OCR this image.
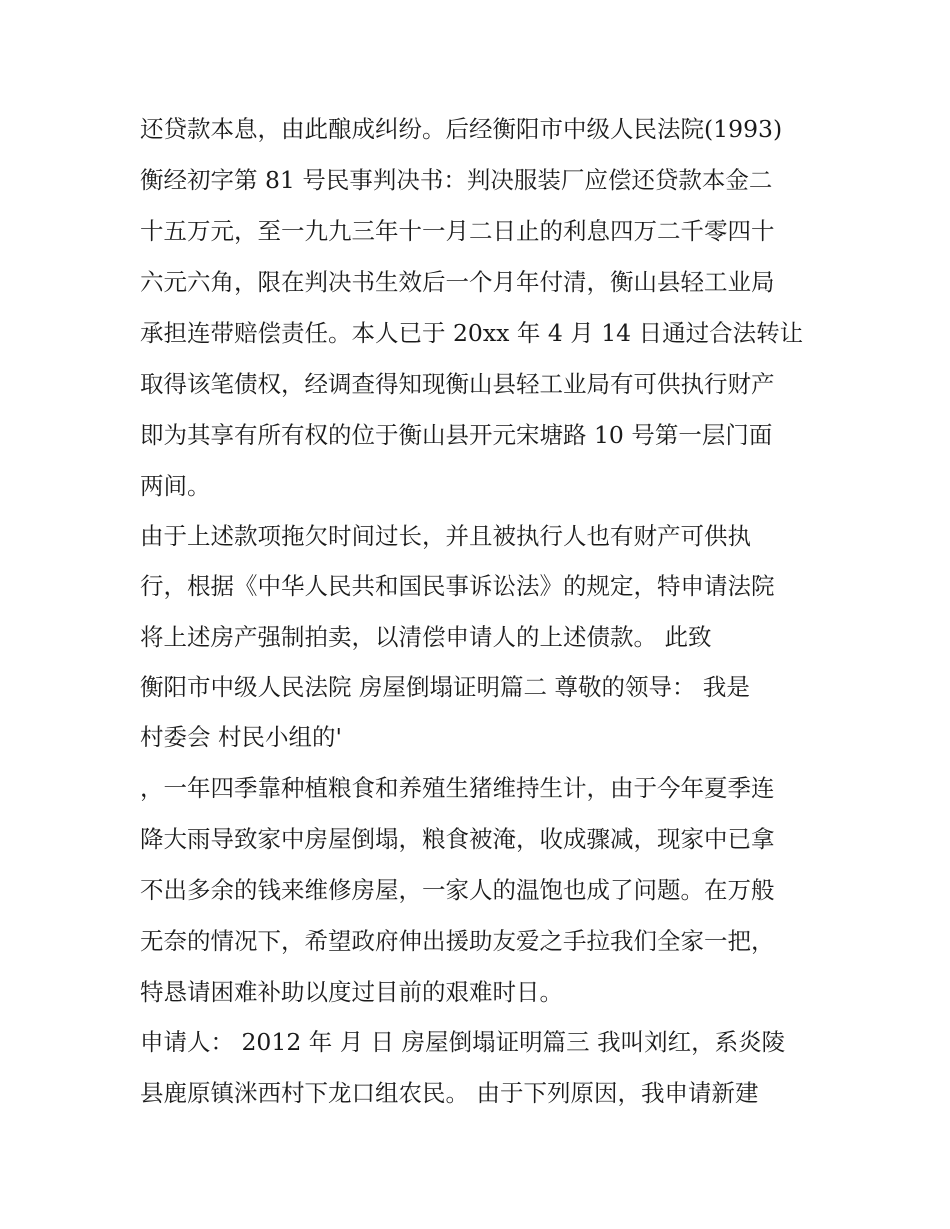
还贷款本息，由此酿成纠纷。后经衡阳市中级人民法院(1993)
衡经初字第 81 号民事判决书：判决服装厂应偿还贷款本金二
十五万元，至一九九三年十一月二日止的利息四万二千零四十
六元六角，限在判决书生效后一个月年付清，衡山县轻工业局
承担连带赔偿责任。本人已于 20xx 年 4 月 14 日通过合法转让
取得该笔债权，经调查得知现衡山县轻工业局有可供执行财产
即为其享有所有权的位于衡山县开元宋塘路 10 号第一层门面
两间。
由于上述款项拖欠时间过长，并且被执行人也有财产可供执
行，根据《中华人民共和国民事诉讼法》的规定，特申请法院
将上述房产强制拍卖，以清偿申请人的上述债款。 此致
衡阳市中级人民法院 房屋倒塌证明篇二 尊敬的领导： 我是
村委会 村民小组的'
，一年四季靠种植粮食和养殖生猪维持生计，由于今年夏季连
降大雨导致家中房屋倒塌，粮食被淹，收成骤减，现家中已拿
不出多余的钱来维修房屋，一家人的温饱也成了问题。在万般
无奈的情况下，希望政府伸出援助友爱之手拉我们全家一把，
特恳请困难补助以度过目前的艰难时日。
申请人： 2012 年 月 日 房屋倒塌证明篇三 我叫刘红，系炎陵
县鹿原镇洣西村下龙口组农民。 由于下列原因，我申请新建
